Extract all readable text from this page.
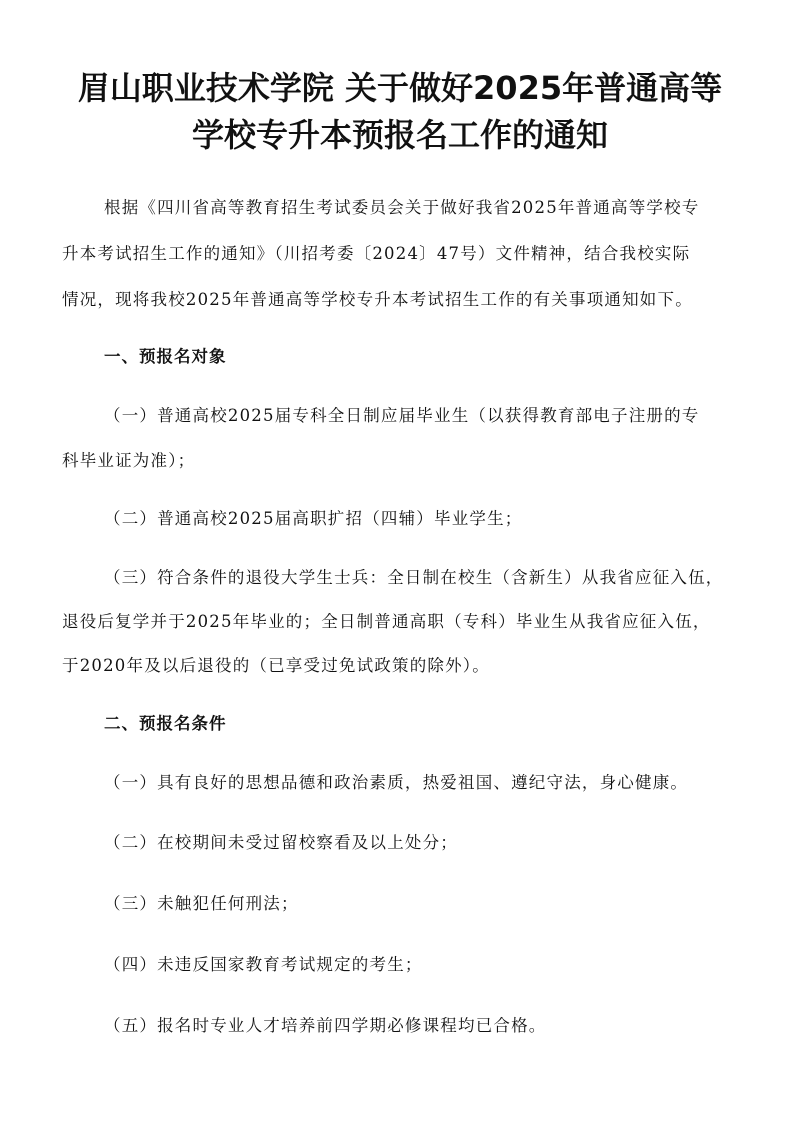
眉山职业技术学院 关于做好2025年普通高等
学校专升本预报名工作的通知
根据《四川省高等教育招生考试委员会关于做好我省2025年普通高等学校专
升本考试招生工作的通知》（川招考委〔2024〕47号）文件精神，结合我校实际
情况，现将我校2025年普通高等学校专升本考试招生工作的有关事项通知如下。
一、预报名对象
（一）普通高校2025届专科全日制应届毕业生（以获得教育部电子注册的专
科毕业证为准）；
（二）普通高校2025届高职扩招（四辅）毕业学生；
（三）符合条件的退役大学生士兵：全日制在校生（含新生）从我省应征入伍，
退役后复学并于2025年毕业的；全日制普通高职（专科）毕业生从我省应征入伍，
于2020年及以后退役的（已享受过免试政策的除外）。
二、预报名条件
（一）具有良好的思想品德和政治素质，热爱祖国、遵纪守法，身心健康。
（二）在校期间未受过留校察看及以上处分；
（三）未触犯任何刑法；
（四）未违反国家教育考试规定的考生；
（五）报名时专业人才培养前四学期必修课程均已合格。
